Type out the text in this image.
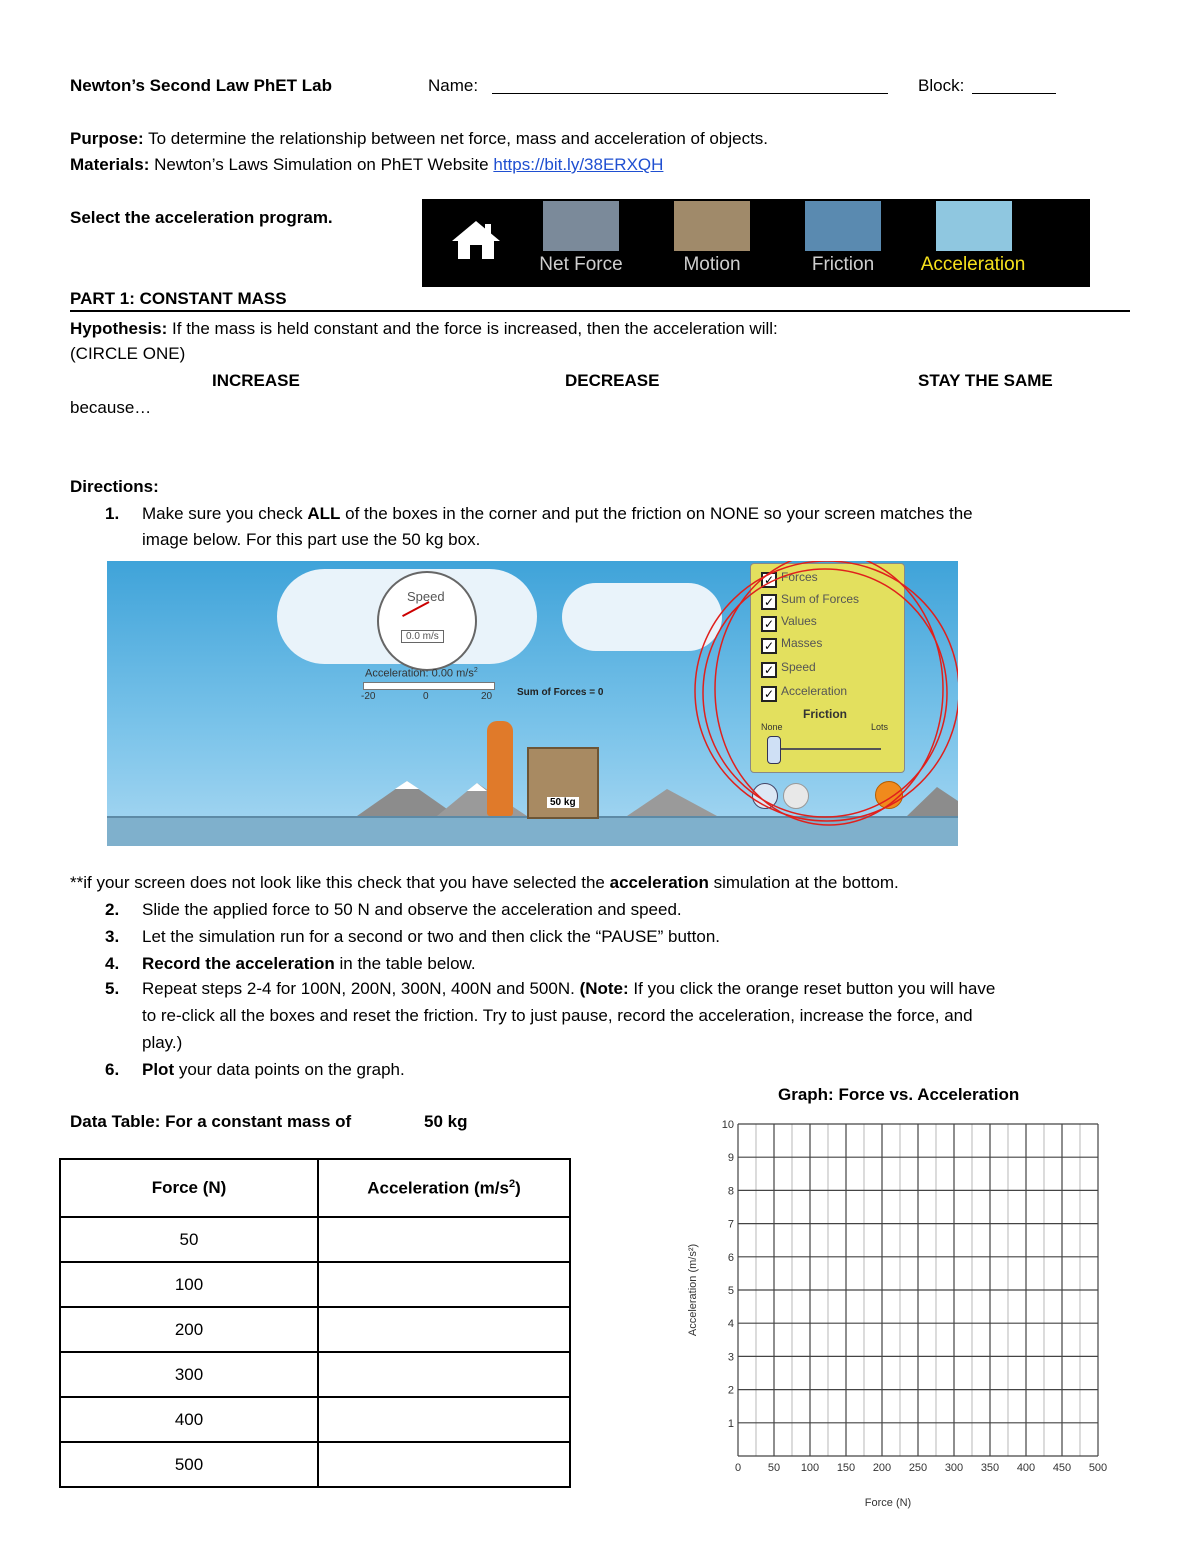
Newton’s Second Law PhET Lab	Name:	Block:
Purpose: To determine the relationship between net force, mass and acceleration of objects.
Materials: Newton’s Laws Simulation on PhET Website https://bit.ly/38ERXQH
Select the acceleration program.
Net Force	Motion	Friction	Acceleration
PART 1: CONSTANT MASS
Hypothesis: If the mass is held constant and the force is increased, then the acceleration will:
(CIRCLE ONE)
INCREASE	DECREASE	STAY THE SAME
because…
Directions:
1. Make sure you check ALL of the boxes in the corner and put the friction on NONE so your screen matches the
image below. For this part use the 50 kg box.
Speed
0.0 m/s
Acceleration: 0.00 $m/s^2$
-20	0	20 Sum of Forces = 0
50 kg
✓ Forces
✓ Sum of Forces
✓ Values
✓ Masses
✓ Speed
✓ Acceleration
Friction
None	Lots
**if your screen does not look like this check that you have selected the acceleration simulation at the bottom.
2. Slide the applied force to 50 N and observe the acceleration and speed.
3. Let the simulation run for a second or two and then click the “PAUSE” button.
4. Record the acceleration in the table below.
5. Repeat steps 2-4 for 100N, 200N, 300N, 400N and 500N. (Note: If you click the orange reset button you will have
to re-click all the boxes and reset the friction. Try to just pause, record the acceleration, increase the force, and
play.)
6. Plot your data points on the graph.
Data Table: For a constant mass of	50 kg
Force (N)	Acceleration $(m/s^2)$
50	
100	
200	
300	
400	
500	
Graph: Force vs. Acceleration
0 50 100 150 200 250 300 350 400 450 500
1
2
3
4
5
6
7
8
9
10
Force (N)
Acceleration (m/s²)
